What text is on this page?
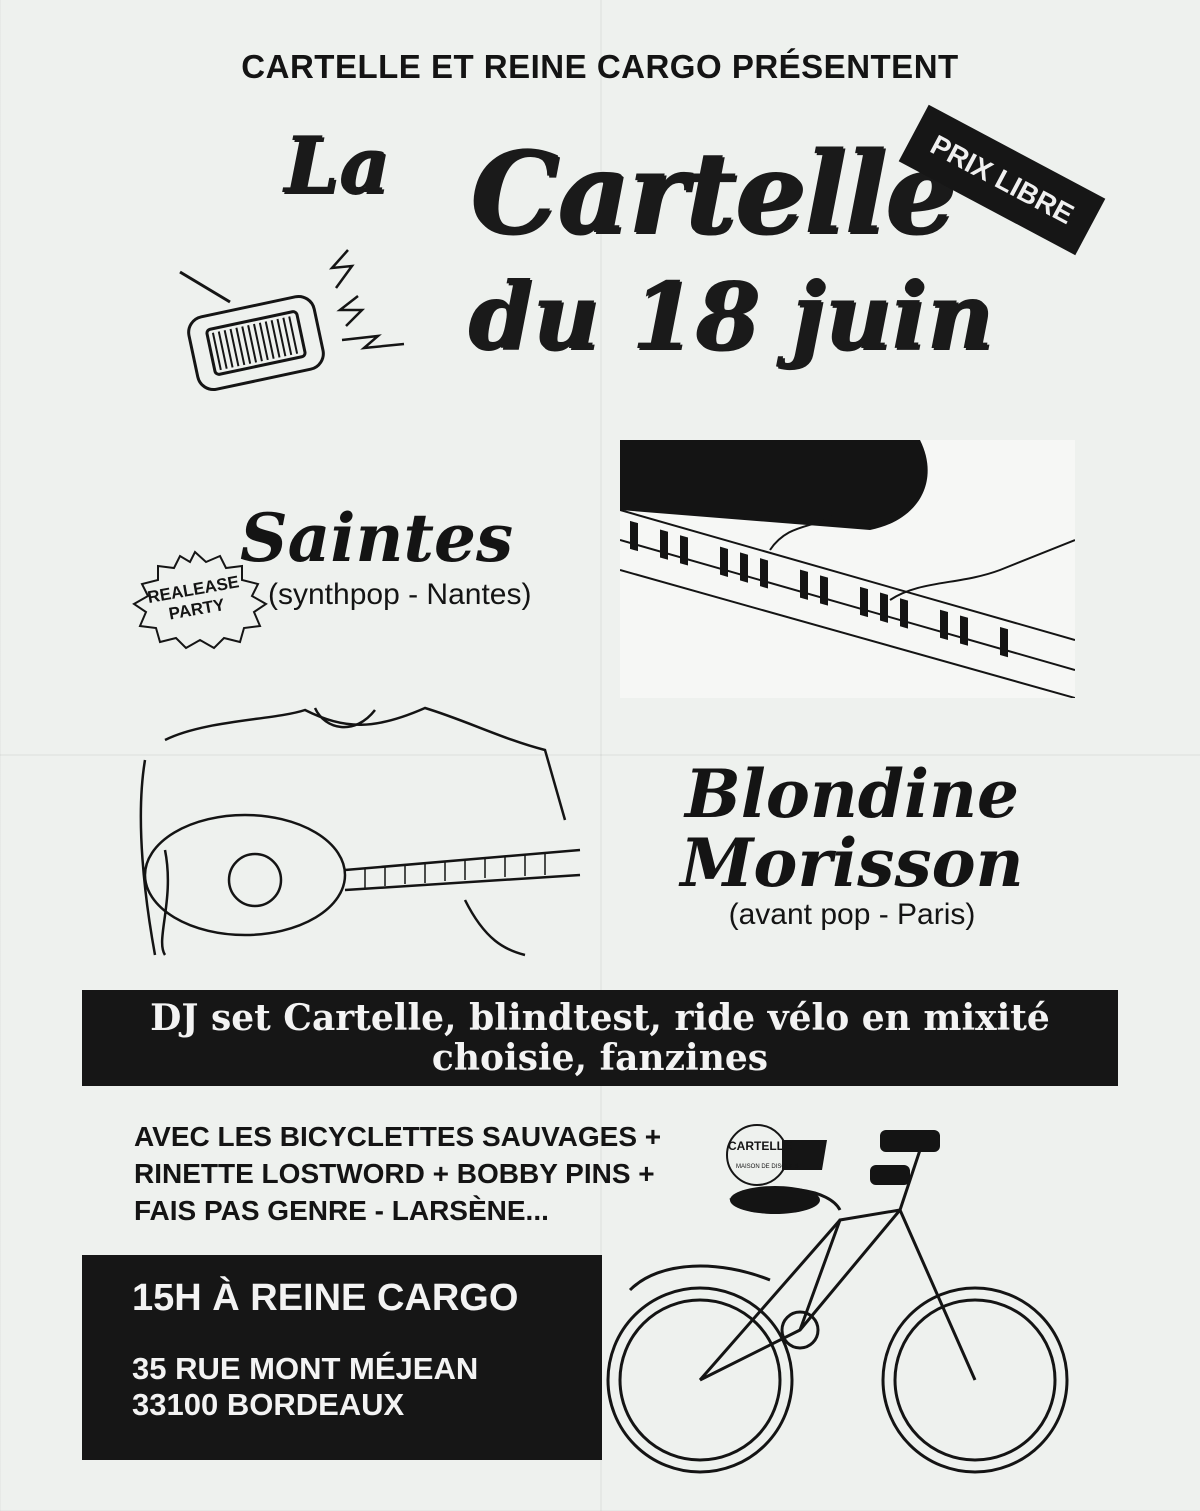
CARTELLE ET REINE CARGO PRÉSENTENT
La Cartelle
du 18 juin
PRIX LIBRE
Saintes
(synthpop - Nantes)
REALEASE PARTY
Blondine
Morisson
(avant pop - Paris)
DJ set Cartelle, blindtest, ride vélo en mixité choisie, fanzines
AVEC LES BICYCLETTES SAUVAGES +
RINETTE LOSTWORD + BOBBY PINS +
FAIS PAS GENRE - LARSÈNE...
CARTELLE
MAISON DE DISQUES
15H À REINE CARGO
35 RUE MONT MÉJEAN
33100 BORDEAUX
